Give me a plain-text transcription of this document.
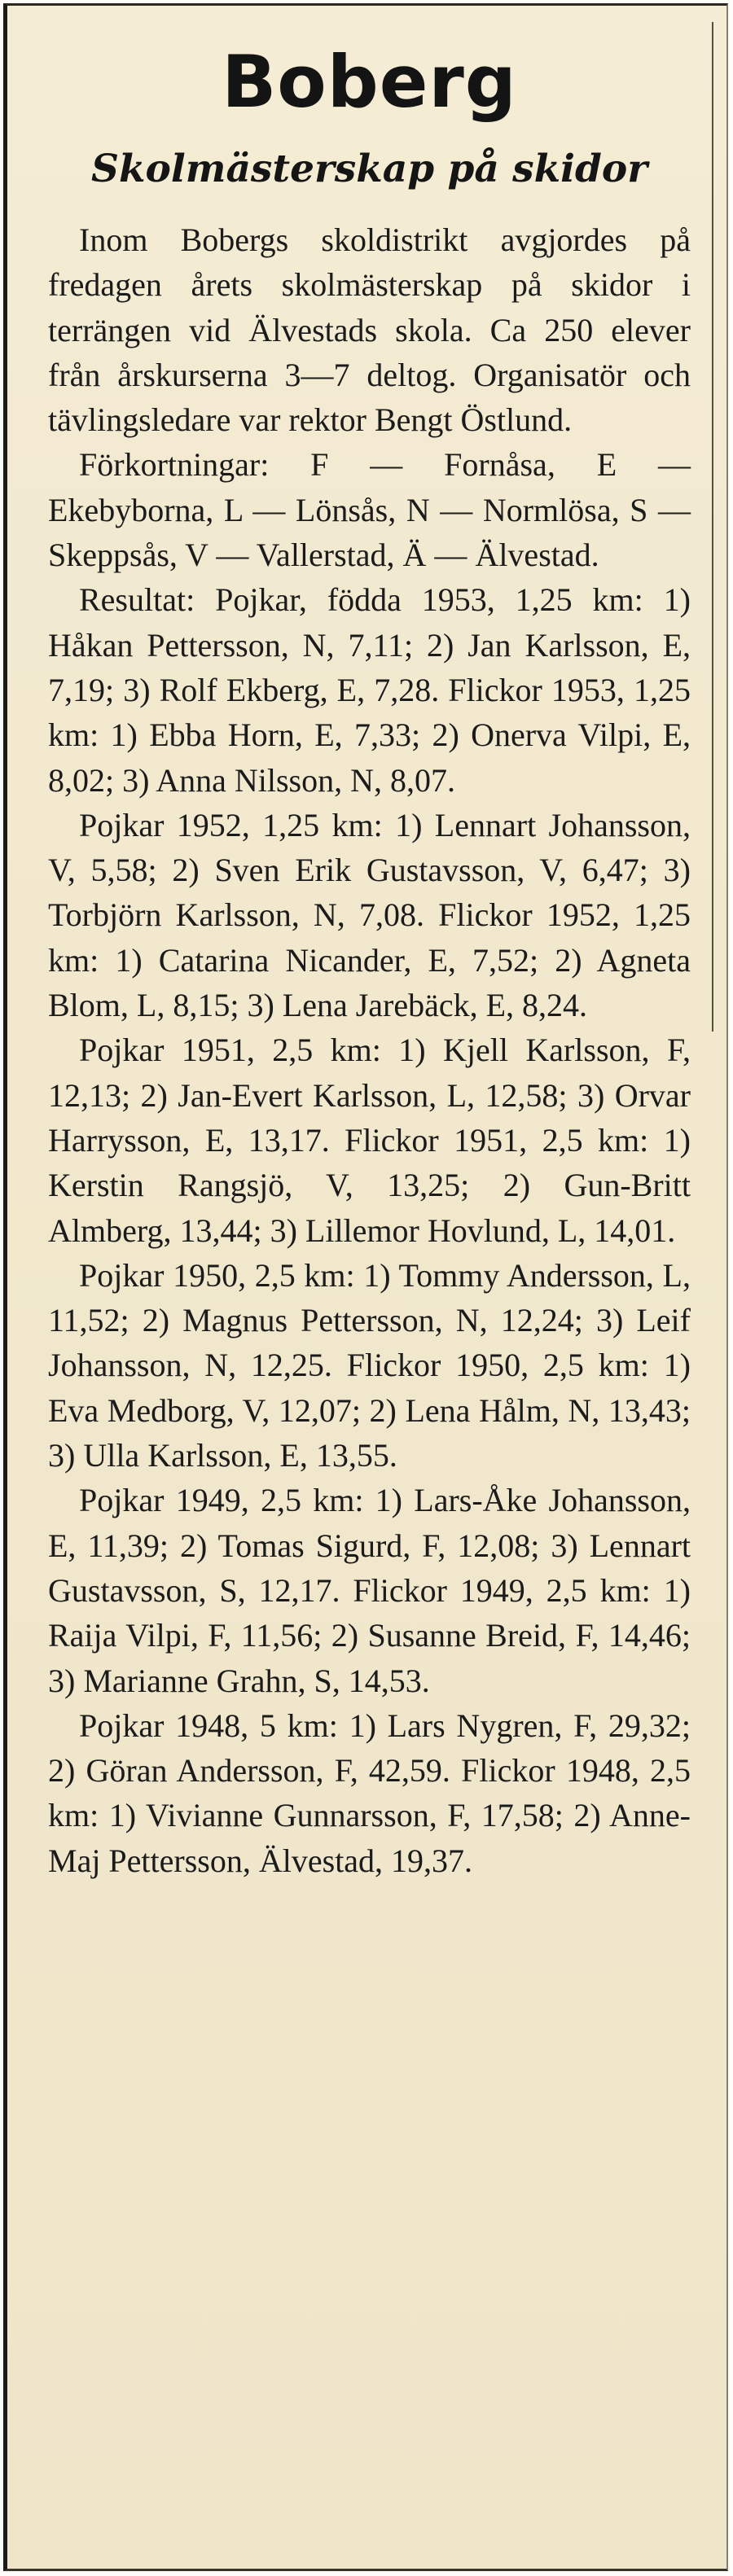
Boberg
Skolmästerskap på skidor

Inom Bobergs skoldistrikt avgjordes på fredagen årets skolmästerskap på skidor i terrängen vid Älvestads skola. Ca 250 elever från årskurserna 3—7 deltog. Organisatör och tävlingsledare var rektor Bengt Östlund.

Förkortningar: F — Fornåsa, E — Ekebyborna, L — Lönsås, N — Normlösa, S — Skeppsås, V — Vallerstad, Ä — Älvestad.

Resultat: Pojkar, födda 1953, 1,25 km: 1) Håkan Pettersson, N, 7,11; 2) Jan Karlsson, E, 7,19; 3) Rolf Ekberg, E, 7,28. Flickor 1953, 1,25 km: 1) Ebba Horn, E, 7,33; 2) Onerva Vilpi, E, 8,02; 3) Anna Nilsson, N, 8,07.

Pojkar 1952, 1,25 km: 1) Lennart Johansson, V, 5,58; 2) Sven Erik Gustavsson, V, 6,47; 3) Torbjörn Karlsson, N, 7,08. Flickor 1952, 1,25 km: 1) Catarina Nicander, E, 7,52; 2) Agneta Blom, L, 8,15; 3) Lena Jarebäck, E, 8,24.

Pojkar 1951, 2,5 km: 1) Kjell Karlsson, F, 12,13; 2) Jan-Evert Karlsson, L, 12,58; 3) Orvar Harrysson, E, 13,17. Flickor 1951, 2,5 km: 1) Kerstin Rangsjö, V, 13,25; 2) Gun-Britt Almberg, 13,44; 3) Lillemor Hovlund, L, 14,01.

Pojkar 1950, 2,5 km: 1) Tommy Andersson, L, 11,52; 2) Magnus Pettersson, N, 12,24; 3) Leif Johansson, N, 12,25. Flickor 1950, 2,5 km: 1) Eva Medborg, V, 12,07; 2) Lena Hålm, N, 13,43; 3) Ulla Karlsson, E, 13,55.

Pojkar 1949, 2,5 km: 1) Lars-Åke Johansson, E, 11,39; 2) Tomas Sigurd, F, 12,08; 3) Lennart Gustavsson, S, 12,17. Flickor 1949, 2,5 km: 1) Raija Vilpi, F, 11,56; 2) Susanne Breid, F, 14,46; 3) Marianne Grahn, S, 14,53.

Pojkar 1948, 5 km: 1) Lars Nygren, F, 29,32; 2) Göran Andersson, F, 42,59. Flickor 1948, 2,5 km: 1) Vivianne Gunnarsson, F, 17,58; 2) Anne-Maj Pettersson, Älvestad, 19,37.
